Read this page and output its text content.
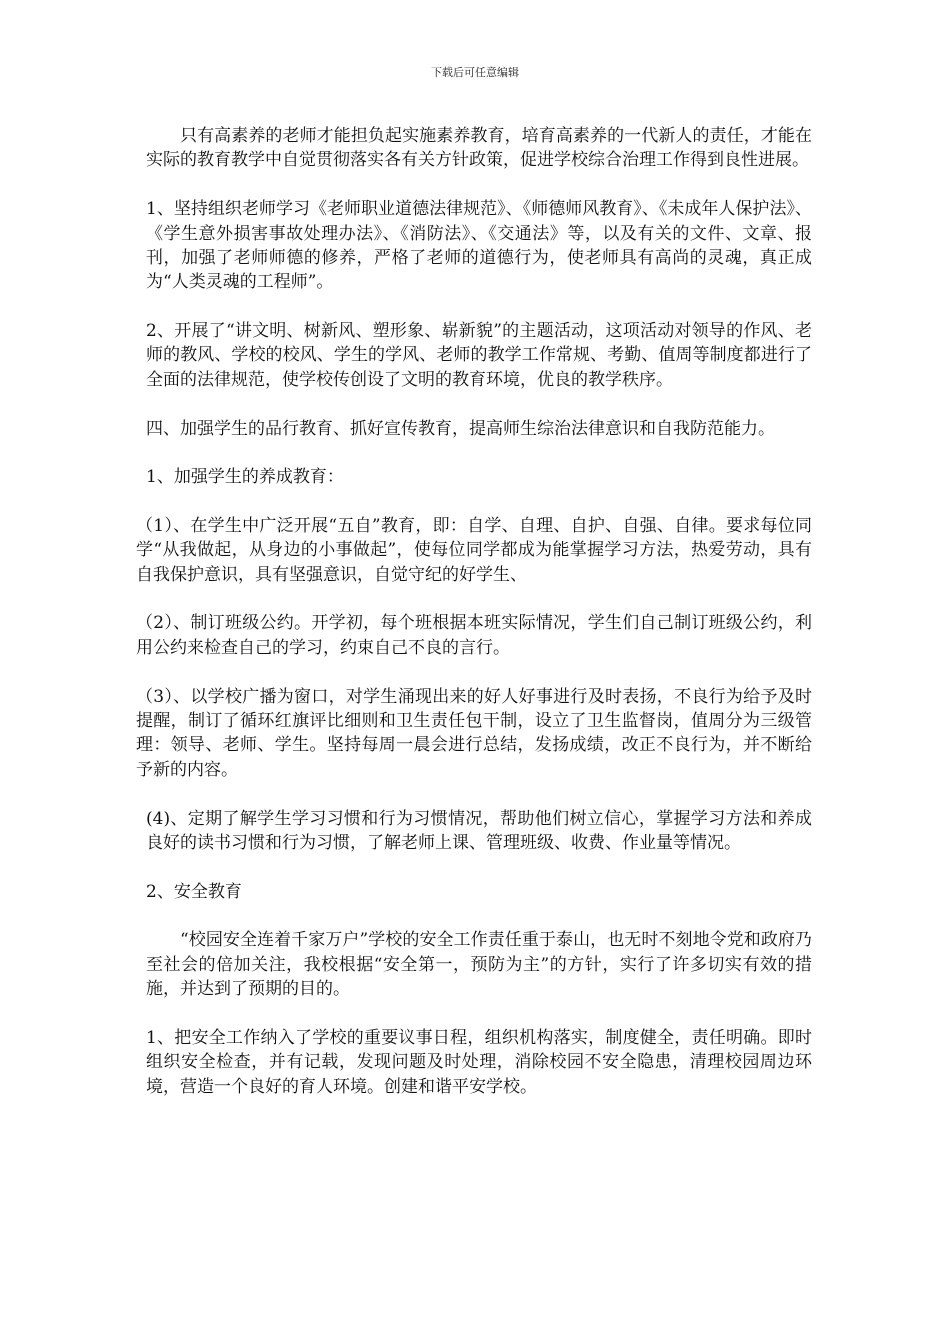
下载后可任意编辑

只有高素养的老师才能担负起实施素养教育，培育高素养的一代新人的责任，才能在实际的教育教学中自觉贯彻落实各有关方针政策，促进学校综合治理工作得到良性进展。

1、坚持组织老师学习《老师职业道德法律规范》、《师德师风教育》、《未成年人保护法》、《学生意外损害事故处理办法》、《消防法》、《交通法》等，以及有关的文件、文章、报刊，加强了老师师德的修养，严格了老师的道德行为，使老师具有高尚的灵魂，真正成为“人类灵魂的工程师”。

2、开展了“讲文明、树新风、塑形象、崭新貌”的主题活动，这项活动对领导的作风、老师的教风、学校的校风、学生的学风、老师的教学工作常规、考勤、值周等制度都进行了全面的法律规范，使学校传创设了文明的教育环境，优良的教学秩序。

四、加强学生的品行教育、抓好宣传教育，提高师生综治法律意识和自我防范能力。

1、加强学生的养成教育：

（1）、在学生中广泛开展“五自”教育，即：自学、自理、自护、自强、自律。要求每位同学“从我做起，从身边的小事做起”，使每位同学都成为能掌握学习方法，热爱劳动，具有自我保护意识，具有坚强意识，自觉守纪的好学生、

（2）、制订班级公约。开学初，每个班根据本班实际情况，学生们自己制订班级公约，利用公约来检查自己的学习，约束自己不良的言行。

（3）、以学校广播为窗口，对学生涌现出来的好人好事进行及时表扬，不良行为给予及时提醒，制订了循环红旗评比细则和卫生责任包干制，设立了卫生监督岗，值周分为三级管理：领导、老师、学生。坚持每周一晨会进行总结，发扬成绩，改正不良行为，并不断给予新的内容。

(4)、定期了解学生学习习惯和行为习惯情况，帮助他们树立信心，掌握学习方法和养成良好的读书习惯和行为习惯，了解老师上课、管理班级、收费、作业量等情况。

2、安全教育

“校园安全连着千家万户”学校的安全工作责任重于泰山，也无时不刻地令党和政府乃至社会的倍加关注，我校根据“安全第一，预防为主”的方针，实行了许多切实有效的措施，并达到了预期的目的。

1、把安全工作纳入了学校的重要议事日程，组织机构落实，制度健全，责任明确。即时组织安全检查，并有记载，发现问题及时处理，消除校园不安全隐患，清理校园周边环境，营造一个良好的育人环境。创建和谐平安学校。
